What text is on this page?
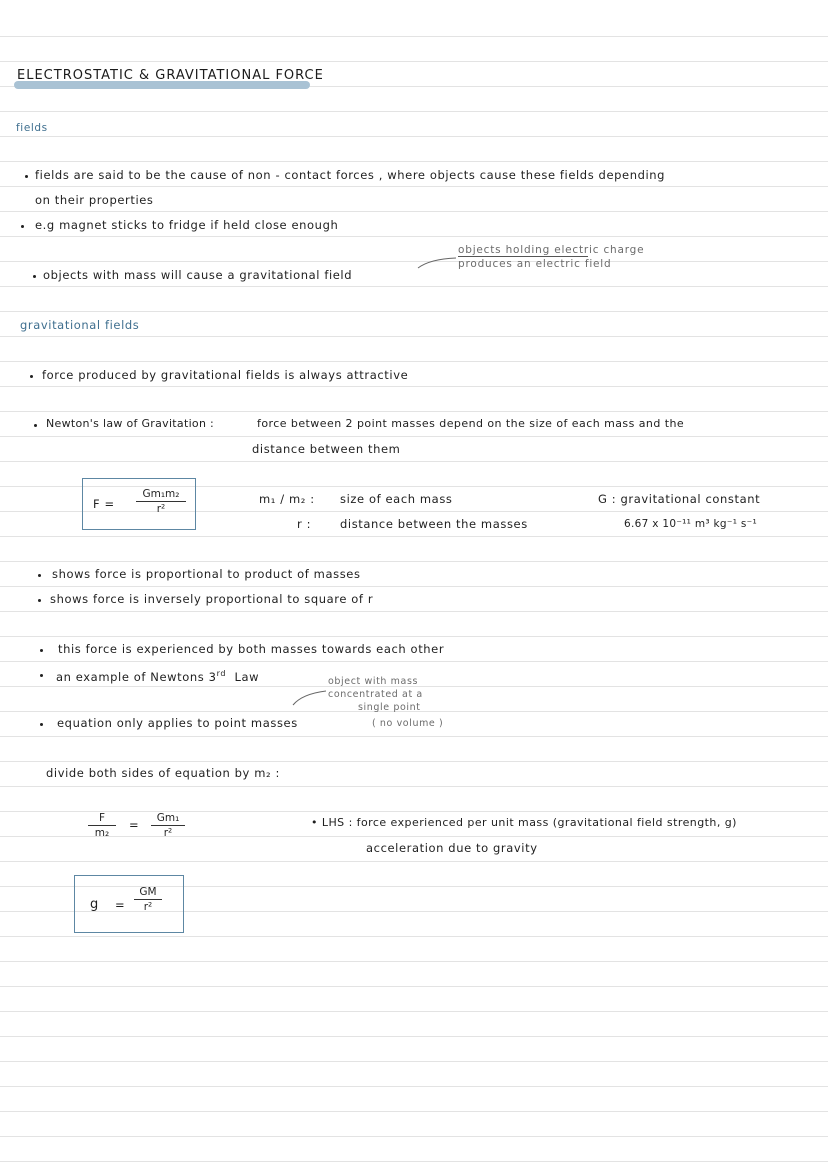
ELECTROSTATIC & GRAVITATIONAL FORCE
fields
fields are said to be the cause of non - contact forces , where objects cause these fields depending
on their properties
e.g magnet sticks to fridge if held close enough
objects holding electric charge
produces an electric field
objects with mass will cause a gravitational field
gravitational fields
force produced by gravitational fields is always attractive
Newton's law of Gravitation :	force between 2 point masses depend on the size of each mass and the
distance between them
$F = \frac{\text{Gm₁m₂}}{\text{r²}}$	m₁ / m₂ : size of each mass
r :	distance between the masses
G : gravitational constant
6.67 x 10⁻¹¹ m³ kg⁻¹ s⁻¹
shows force is proportional to product of masses
shows force is inversely proportional to square of r
this force is experienced by both masses towards each other
an example of Newtons 3rd Law	object with mass
concentrated at a
single point
( no volume )
equation only applies to point masses
divide both sides of equation by m₂ :
$\frac{F}{\text{m₂}} = \frac{\text{Gm₁}}{\text{r²}}$	• LHS : force experienced per unit mass (gravitational field strength, g)
acceleration due to gravity
$g = \frac{GM}{\text{r²}}$
